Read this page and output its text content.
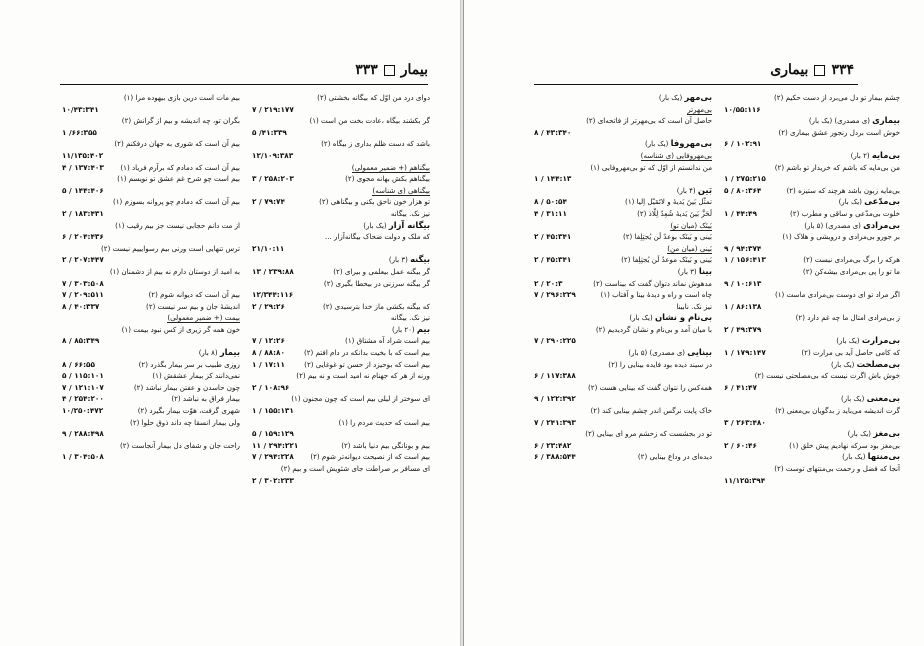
بیمار
۳۳۳	۳۳۴
بیماری
دوای درد من اوّل که بیگانه بخشتی (۲)
۷ / ۲۱۹:۱۷۷
گر بکشند بیگاه ،عادت بخت من است (۱)
۵ /۴۱:۳۳۹
باشد که دست ظلم بداری ز بیگاه (۲)
۱۲/۱۰۹:۳۸۳
بیگناهم (+ ضمیر معمولی)
بیگناهم بکش بهانه مجوی (۲)
۳ / ۲۵۸:۲۰۳
بیگناهی (ی شناسه)
تو هزار خون ناحق بکنی و بیگناهی (۲)
۲ / ۷۹:۷۴
نیز نک. بیگانه
بیگانه آزار (یک بار)
که ملک و دولت ضحاک بیگانه‌آزار ...
۲۱/۱۰:۱۱
بیگنه (۳ بار)
گر بیگنه عمل بیعلمی و بیرای (۲)
۱۳ / ۲۳۹:۸۸
گر بیگنه سرزنی در بیحطا بگیری (۲)
۱۲/۳۴۴:۱۱۶
که بیگنه بکشی ماز خدا بترسیدی (۲)
۲ / ۲۹:۲۶
نیز نک. بیگانه
بیم (۲۰ بار)
بیم است شراد آه مشتاق (۱)
۷ / ۱۲:۲۶
بیم است که با بخیت بدانکه در دام افتم (۲)
۸ / ۸۸:۸۰
بیم است که بوحیزد از حسن تو غوغایی (۲)
۱ / ۱۷:۱۱
ورنه از هر که جهنام نه امید است و نه بیم (۲)
۲ / ۱۰۸:۹۶
ای سوختر از لیلی بیم است که چون مجنون (۱)
۱ / ۱۵۵:۱۳۱
بیم است که حدیث مردم را (۱)
۵ / ۱۵۹:۱۲۹
بیم و بونانگی بیم دنیا باشد (۲)
۱۱ / ۲۹۴:۲۲۱
بیم است که از نصیحت دیوانه‌تر شوم (۲)
۷ / ۲۹۴:۲۲۸
ای مسافر بر صراطت جای شئویش است و بیم (۲)
۲ / ۳۰۲:۲۳۳
بیم مات است درین بازی بیهوده مرا (۱)
۱۰/۴۳:۳۴۱
بگران تو، چه اندیشه و بیم از گرانش (۲)
۱ /۶۶:۳۵۵
بیم آن است که شوری به جهان درفکنم (۲)
۱۱/۱۳۵:۴۰۲
بیم آن است که دمادم که برآرم فریاد (۱)
۴ / ۱۳۷:۴۰۳
بیم است چو شرح غم عشق تو نویسم (۱)
۵ / ۱۴۴:۴۰۶
بیم آن است که دمادم چو پروانه بسوزم (۱)
۲ / ۱۸۳:۴۳۱
از مت دانم حجابی نیست جز بیم رقیب (۱)
۶ / ۲۰۴:۴۳۶
ترس تنهایی است ورنی بیم رسوایییم نیست (۲)
۲ / ۲۰۷:۴۴۷
به امید از دوستان دارم نه بیم از دشمنان (۱)
۷ / ۳۰۳:۵۰۸
بیم آن است که دیوانه شوم (۲)
۷ / ۲۰۹:۵۱۱
اندیشهٔ جان و بیم سر نیست (۲)
۸ / ۴۰:۳۳۷
بیمت (+ ضمیر معمولی)
خون همه گر زیری از کس نبود بیمت (۱)
۸ / ۸۵:۳۴۹
بیمار (۸ بار)
روزی طبیب بر سر بیمار بگذرد (۲)
۸ / ۶۶:۵۵
نمی‌دانند کز بیمار عشقش (۱)
۵ / ۱۱۵:۱۰۱
چون حاسدن و عفتن بیمار نباشد (۲)
۷ / ۱۲۱:۱۰۷
بیمار فراق به نباشد (۲)
۴ / ۲۵۴:۲۰۰
شهری گرفت، هوّت بیمار بگیرد (۲)
۱۰/۲۵۰:۴۷۲
ولی بیمار انسقا چه داند ذوق حلوا (۲)
۹ / ۲۸۸:۴۹۸
راحت جان و شفای دل بیمار آنجاست (۲)
۱ / ۳۰۴:۵۰۸
چشم بیمار تو دل می‌برد از دست حکیم (۲)
۱۰/۵۵:۱۱۶
بیماری (ی مصدری) (یک بار)
خوش است بردل رنجور عشق بیماری (۲)
۶ / ۱۰۲:۹۱
بی‌مایه (۲ بار)
من بی‌مایه که باشم که خریدار تو باشم (۲)
۱ / ۲۷۵:۲۱۵
بی‌مایه زبون باشد هرچند که ستیزه (۲)
۵ / ۸۰:۳۶۴
بی‌مدّعی (یک بار)
خلوت بی‌مدّعی و ساقی و مطرب (۲)
۱ / ۴۴:۴۹
بی‌مرادی (ی مصدری) (۵ بار)
بر جورو بی‌مرادی و درویشی و هلاک (۱)
۹ / ۹۴:۳۷۴
هرکه را برگ بی‌مرادی نیست (۲)
۱ / ۱۵۶:۴۱۳
ما تو را پی بی‌مرادی بیشه‌کن (۲)
۹ / ۱۰:۶۱۳
اگر مراد تو ای دوست بی‌مرادی ماست (۱)
۱ / ۸۶:۱۳۸
ز بی‌مرادی امتال ما چه غم دارد (۲)
۲ / ۴۹:۳۷۹
بی‌مرارت (یک بار)
که کامی حاصل آید بی مرارت (۲)
۱ / ۱۷۹:۱۴۷
بی‌مصلحت (یک بار)
خوش باش اگرت نیست که بی‌مصلحتی نیست (۲)
۶ / ۴۱:۴۷
بی‌معنی (یک بار)
گرت اندیشه می‌باید ز بدگویان بی‌معنی (۲)
۳ / ۲۶۳:۴۸۰
بی‌مغز (یک بار)
بی‌مغز بود سرکه نهادیم پیش خلق (۱)
۲ / ۶۰:۴۶
بی‌منتها (یک بار)
آنجا که فضل و رحمت بی‌منتهای توست (۲)
۱۱/۱۲۵:۳۹۴
بی‌مهر (یک بار)
بی‌مهرتر
حاصل آن است که بی‌مهرتر از فاتحه‌ای (۲)
۸ / ۴۳:۳۴۰
بی‌مهروفا (یک بار)
بی‌مهروفایی (ی شناسه)
من ندانستم از اوّل که تو بی‌مهروفایی (۱)
۱ / ۱۴۴:۱۳
بَین (۴ بار)
تمثّل بَینَ یَدیهٔ و لاتَمَیّل اِلیا (۱)
۸ / ۵۰:۵۴
لَحَزَّ بَینَ یَدیهٔ شُعِدٌ لِلّاذ (۲)
۴ / ۳۱:۱۱
بَینَک (میان تو)
بَینی و بَینَک بوعدٌ لَن یُجتِلِفا (۲)
۲ / ۴۵:۳۴۱
بَینی (میان من)
بَینی و بَینَک موعدٌ لَن یُجتِلِفا (۲)
۲ / ۴۵:۳۴۱
بینا (۳ بار)
مدهوش نماند دتوان گفت که بیناست (۲)
۲ / ۲۰:۳
چاه است و راه و دیدهٔ بینا و آفتاب (۱)
۷ / ۲۹۶:۲۲۹
نیز نک. نابینا
بی‌نام و نشان (یک بار)
با میان آمد و بی‌نام و نشان گردیدیم (۲)
۷ / ۲۹۰:۲۲۵
بینایی (ی مصدری) (۵ بار)
در سیند دیده بود فایده بینایی را (۲)
۶ / ۱۱۷:۳۸۸
همه‌کس را نتوان گفت که بینایی هست (۲)
۹ / ۱۲۲:۳۹۲
خاک پایت نرگس اندر چشم بینایی کند (۲)
۷ / ۲۴۱:۳۹۳
تو در بجشست که زحشم مرو ای بینایی (۲)
۶ / ۲۳:۴۸۲
دیده‌ای در وداع بینایی (۲)
۶ / ۳۸۸:۵۴۴
